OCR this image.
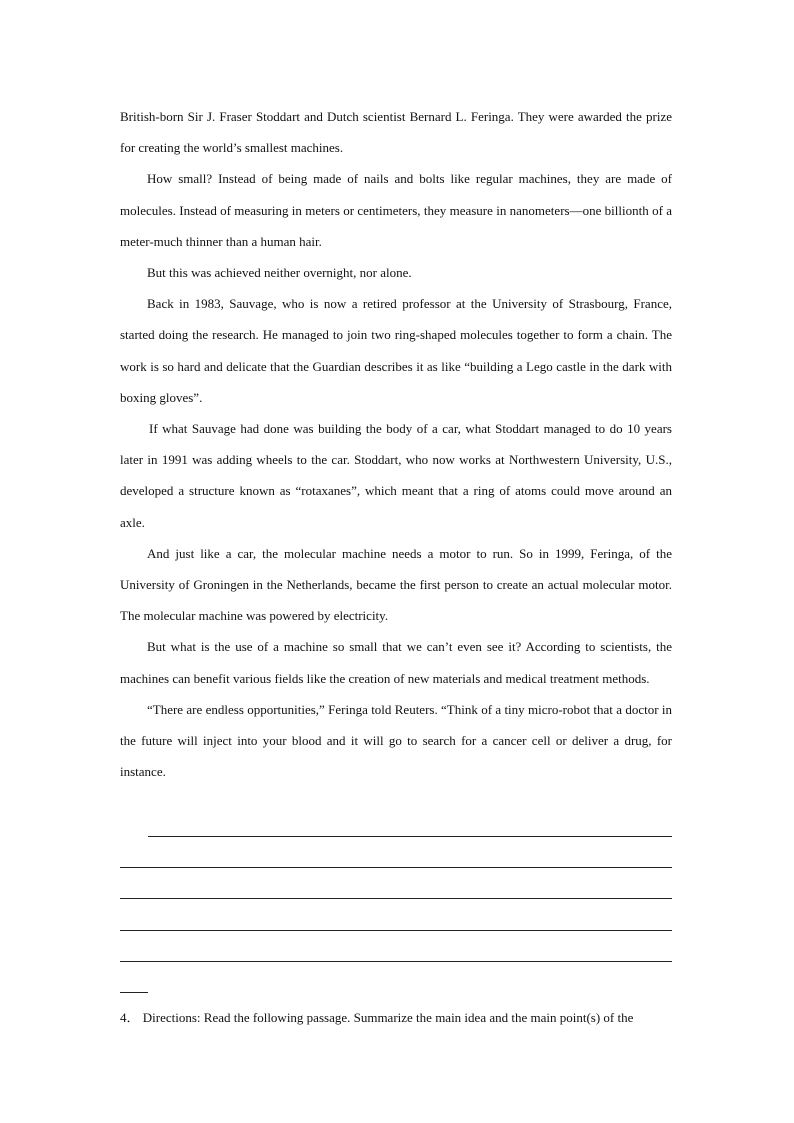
British-born Sir J. Fraser Stoddart and Dutch scientist Bernard L. Feringa. They were awarded the prize for creating the world’s smallest machines.

How small? Instead of being made of nails and bolts like regular machines, they are made of molecules. Instead of measuring in meters or centimeters, they measure in nanometers—one billionth of a meter-much thinner than a human hair.

But this was achieved neither overnight, nor alone.

Back in 1983, Sauvage, who is now a retired professor at the University of Strasbourg, France, started doing the research. He managed to join two ring-shaped molecules together to form a chain. The work is so hard and delicate that the Guardian describes it as like “building a Lego castle in the dark with boxing gloves”.

If what Sauvage had done was building the body of a car, what Stoddart managed to do 10 years later in 1991 was adding wheels to the car. Stoddart, who now works at Northwestern University, U.S., developed a structure known as “rotaxanes”, which meant that a ring of atoms could move around an axle.

And just like a car, the molecular machine needs a motor to run. So in 1999, Feringa, of the University of Groningen in the Netherlands, became the first person to create an actual molecular motor. The molecular machine was powered by electricity.

But what is the use of a machine so small that we can’t even see it? According to scientists, the machines can benefit various fields like the creation of new materials and medical treatment methods.

“There are endless opportunities,” Feringa told Reuters. “Think of a tiny micro-robot that a doctor in the future will inject into your blood and it will go to search for a cancer cell or deliver a drug, for instance.

4． Directions: Read the following passage. Summarize the main idea and the main point(s) of the
